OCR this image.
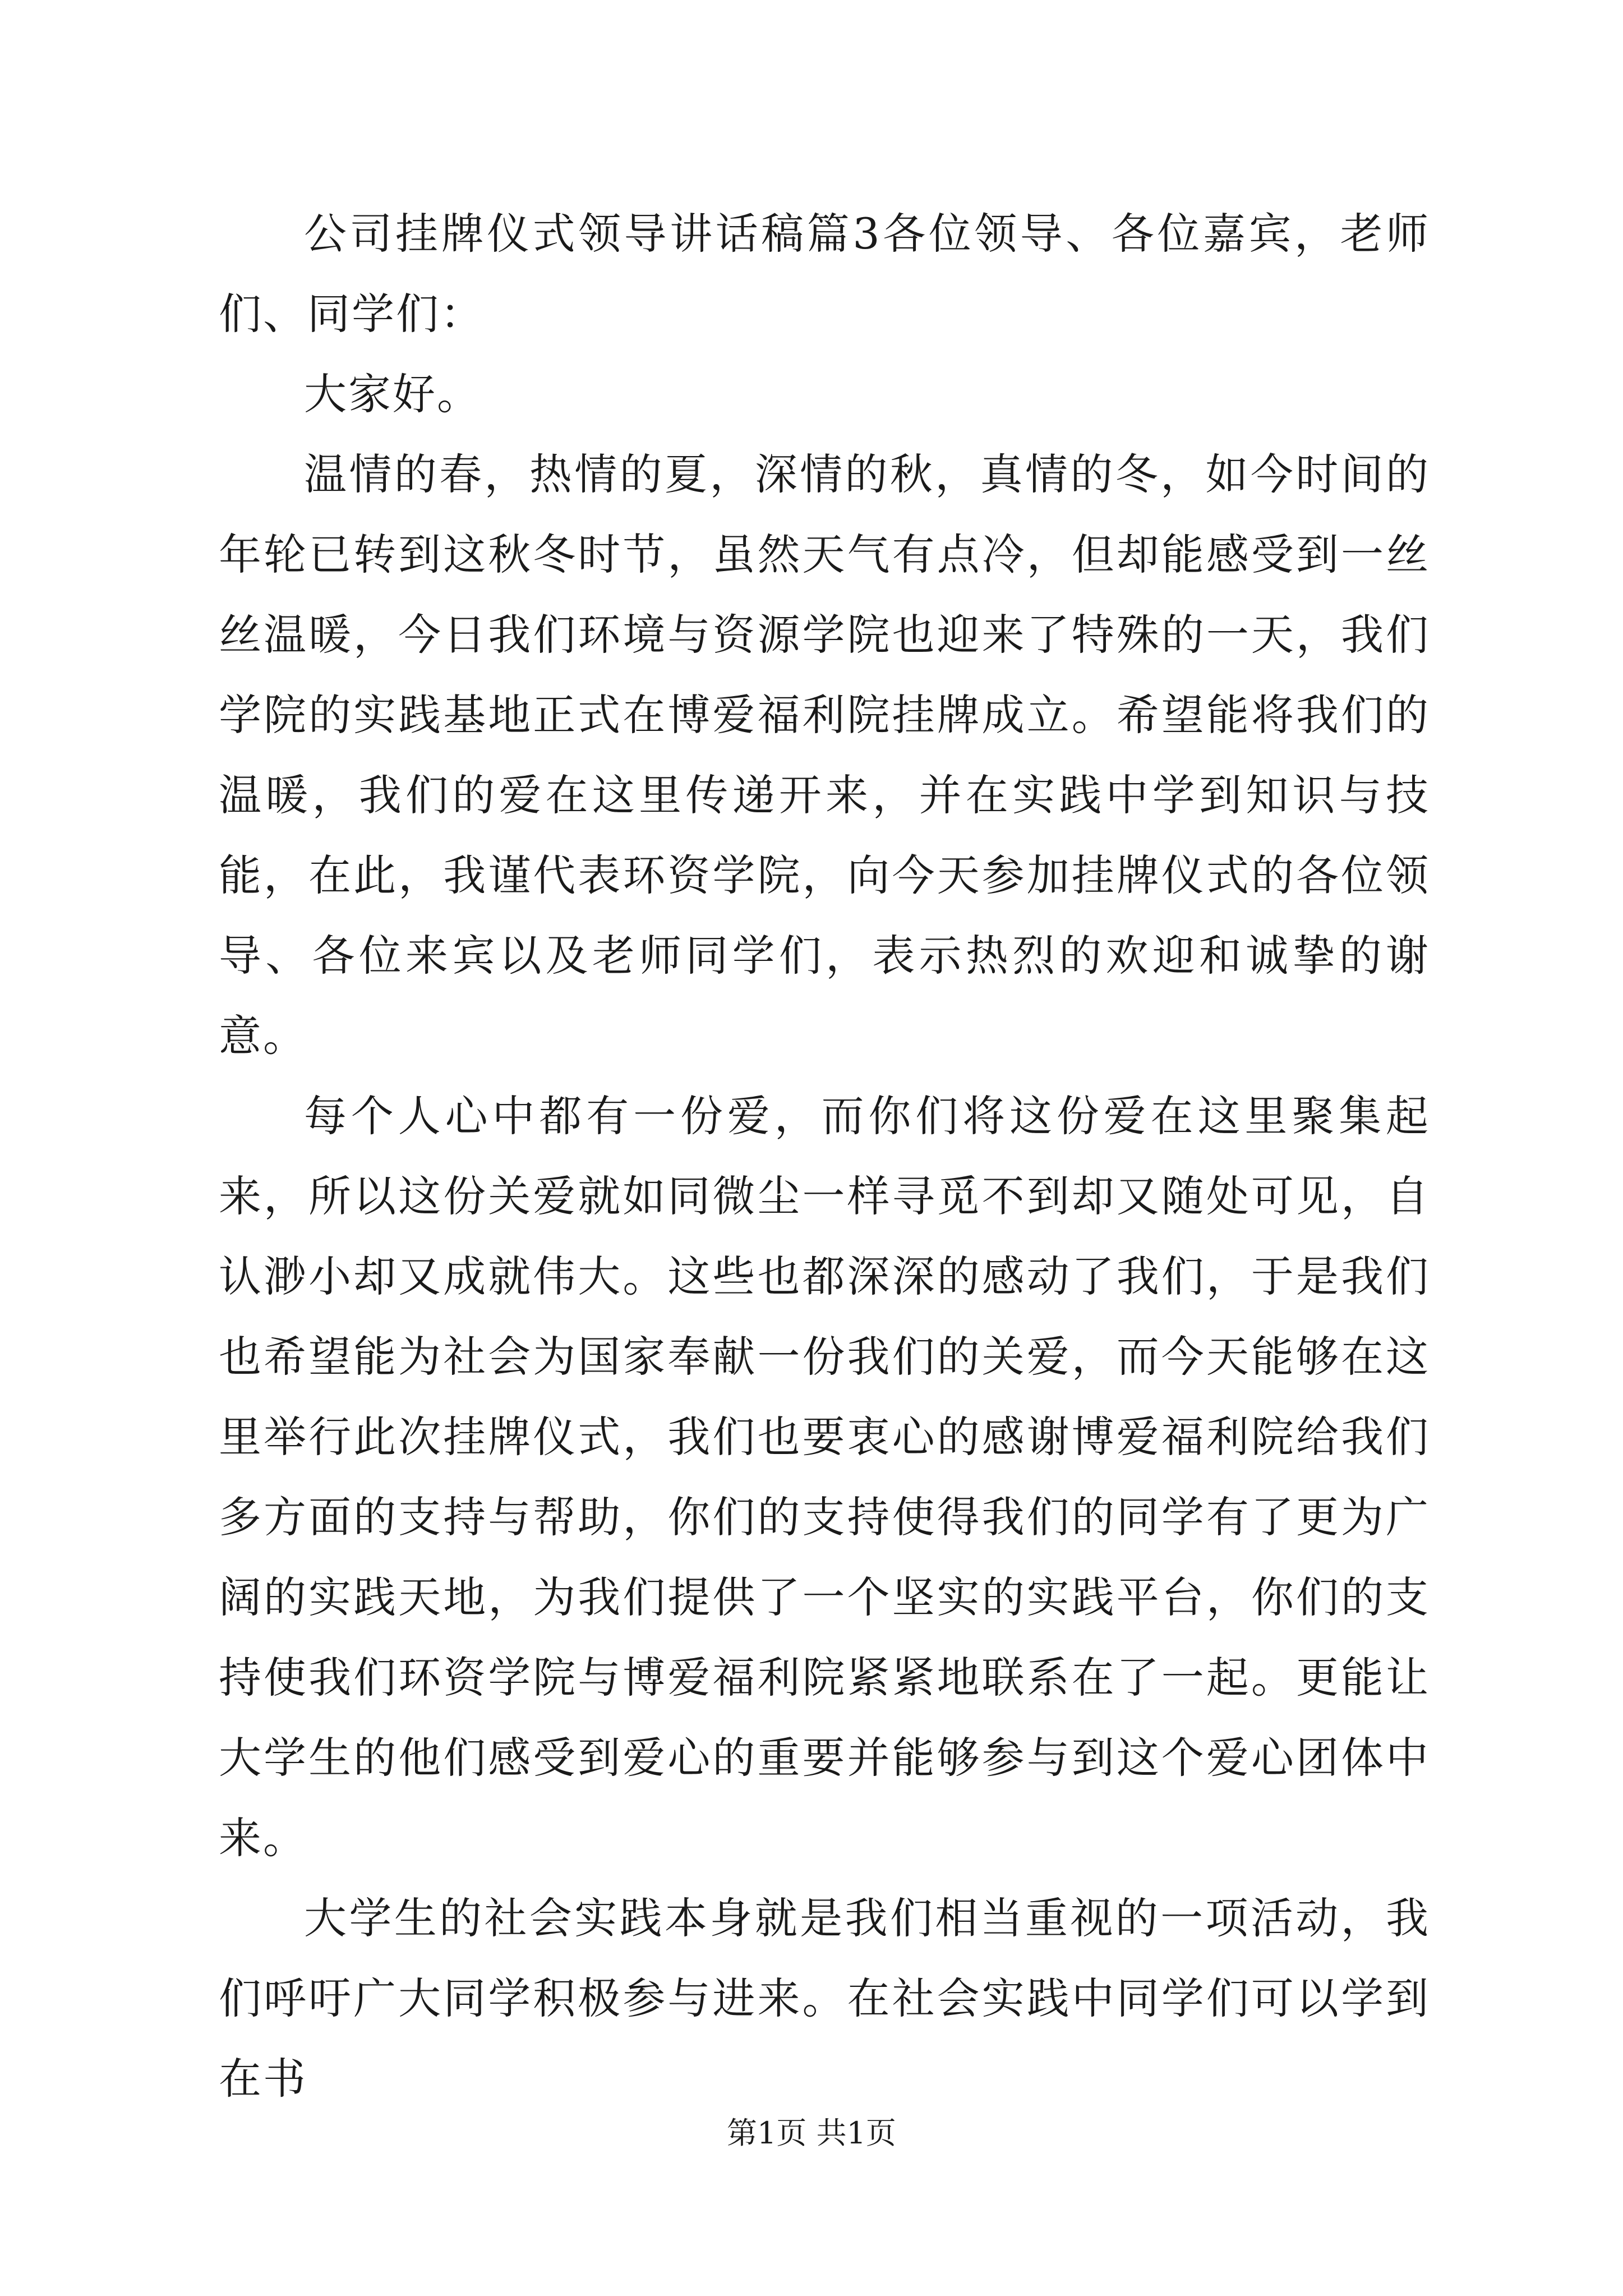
公司挂牌仪式领导讲话稿篇3各位领导、各位嘉宾，老师们、同学们：

大家好。

温情的春，热情的夏，深情的秋，真情的冬，如今时间的年轮已转到这秋冬时节，虽然天气有点冷，但却能感受到一丝丝温暖，今日我们环境与资源学院也迎来了特殊的一天，我们学院的实践基地正式在博爱福利院挂牌成立。希望能将我们的温暖，我们的爱在这里传递开来，并在实践中学到知识与技能，在此，我谨代表环资学院，向今天参加挂牌仪式的各位领导、各位来宾以及老师同学们，表示热烈的欢迎和诚挚的谢意。

每个人心中都有一份爱，而你们将这份爱在这里聚集起来，所以这份关爱就如同微尘一样寻觅不到却又随处可见，自认渺小却又成就伟大。这些也都深深的感动了我们，于是我们也希望能为社会为国家奉献一份我们的关爱，而今天能够在这里举行此次挂牌仪式，我们也要衷心的感谢博爱福利院给我们多方面的支持与帮助，你们的支持使得我们的同学有了更为广阔的实践天地，为我们提供了一个坚实的实践平台，你们的支持使我们环资学院与博爱福利院紧紧地联系在了一起。更能让大学生的他们感受到爱心的重要并能够参与到这个爱心团体中来。

大学生的社会实践本身就是我们相当重视的一项活动，我们呼吁广大同学积极参与进来。在社会实践中同学们可以学到在书

第1页 共1页
